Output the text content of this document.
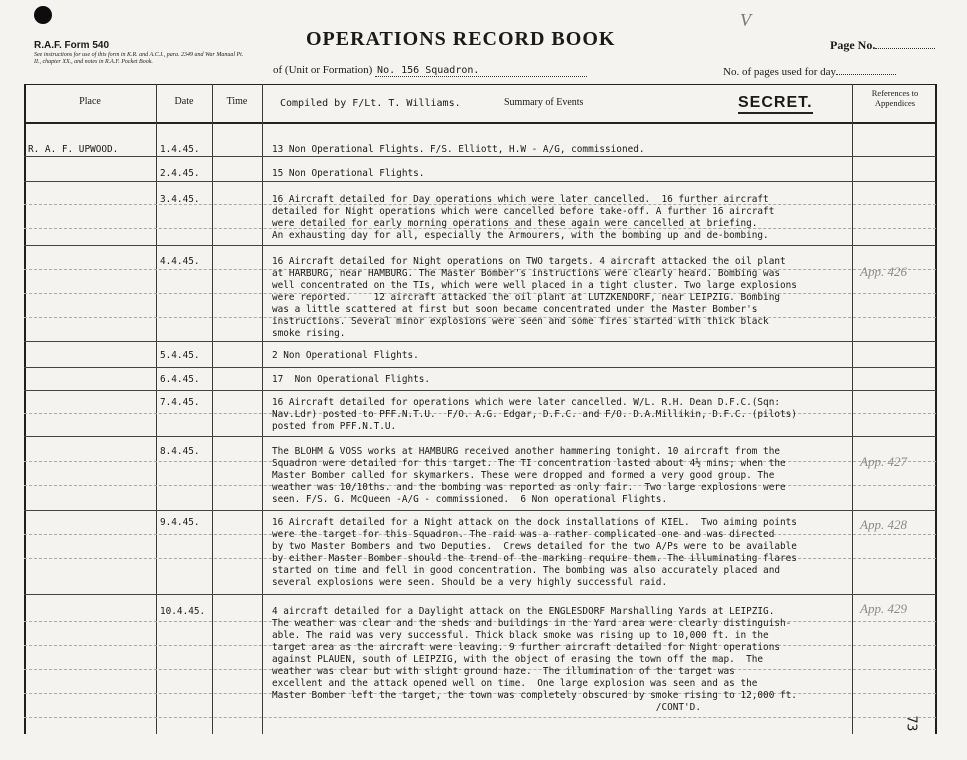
R.A.F. Form 540
See instructions for use of this form in K.R. and A.C.I., para. 2349 and War Manual Pt. II., chapter XX., and notes in R.A.F. Pocket Book.
OPERATIONS RECORD BOOK
V
Page No.
of (Unit or Formation) No. 156 Squadron.	No. of pages used for day
Place	Date	Time	Compiled by F/Lt. T. Williams.	Summary of Events	SECRET.
References to Appendices
R. A. F. UPWOOD.	1.4.45.	13 Non Operational Flights. F/S. Elliott, H.W - A/G, commissioned.
2.4.45.	15 Non Operational Flights.
3.4.45.	16 Aircraft detailed for Day operations which were later cancelled.  16 further aircraft
detailed for Night operations which were cancelled before take-off. A further 16 aircraft
were detailed for early morning operations and these again were cancelled at briefing.
An exhausting day for all, especially the Armourers, with the bombing up and de-bombing.
4.4.45.	16 Aircraft detailed for Night operations on TWO targets. 4 aircraft attacked the oil plant
at HARBURG, near HAMBURG. The Master Bomber's instructions were clearly heard. Bombing was
well concentrated on the TIs, which were well placed in a tight cluster. Two large explosions
were reported.    12 aircraft attacked the oil plant at LUTZKENDORF, near LEIPZIG. Bombing
was a little scattered at first but soon became concentrated under the Master Bomber's
instructions. Several minor explosions were seen and some fires started with thick black
smoke rising.
App. 426
5.4.45.	2 Non Operational Flights.
6.4.45.	17  Non Operational Flights.
7.4.45.	16 Aircraft detailed for operations which were later cancelled. W/L. R.H. Dean D.F.C.(Sqn:
Nav.Ldr) posted to PFF.N.T.U.  F/O. A.G. Edgar, D.F.C. and F/O. D.A.Millikin, D.F.C. (pilots)
posted from PFF.N.T.U.
8.4.45.	The BLOHM & VOSS works at HAMBURG received another hammering tonight. 10 aircraft from the
Squadron were detailed for this target. The TI concentration lasted about 4½ mins; when the
Master Bomber called for skymarkers. These were dropped and formed a very good group. The
weather was 10/10ths. and the bombing was reported as only fair.  Two large explosions were
seen. F/S. G. McQueen -A/G - commissioned.  6 Non operational Flights.
App. 427
9.4.45.	16 Aircraft detailed for a Night attack on the dock installations of KIEL.  Two aiming points
were the target for this Squadron. The raid was a rather complicated one and was directed
by two Master Bombers and two Deputies.  Crews detailed for the two A/Ps were to be available
by either Master Bomber should the trend of the marking require them. The illuminating flares
started on time and fell in good concentration. The bombing was also accurately placed and
several explosions were seen. Should be a very highly successful raid.
App. 428
10.4.45.	4 aircraft detailed for a Daylight attack on the ENGLESDORF Marshalling Yards at LEIPZIG.
The weather was clear and the sheds and buildings in the Yard area were clearly distinguish-
able. The raid was very successful. Thick black smoke was rising up to 10,000 ft. in the
target area as the aircraft were leaving. 9 further aircraft detailed for Night operations
against PLAUEN, south of LEIPZIG, with the object of erasing the town off the map.  The
weather was clear but with slight ground haze.  The illumination of the target was
excellent and the attack opened well on time.  One large explosion was seen and as the
Master Bomber left the target, the town was completely obscured by smoke rising to 12,000 ft.
/CONT'D.
App. 429
73
